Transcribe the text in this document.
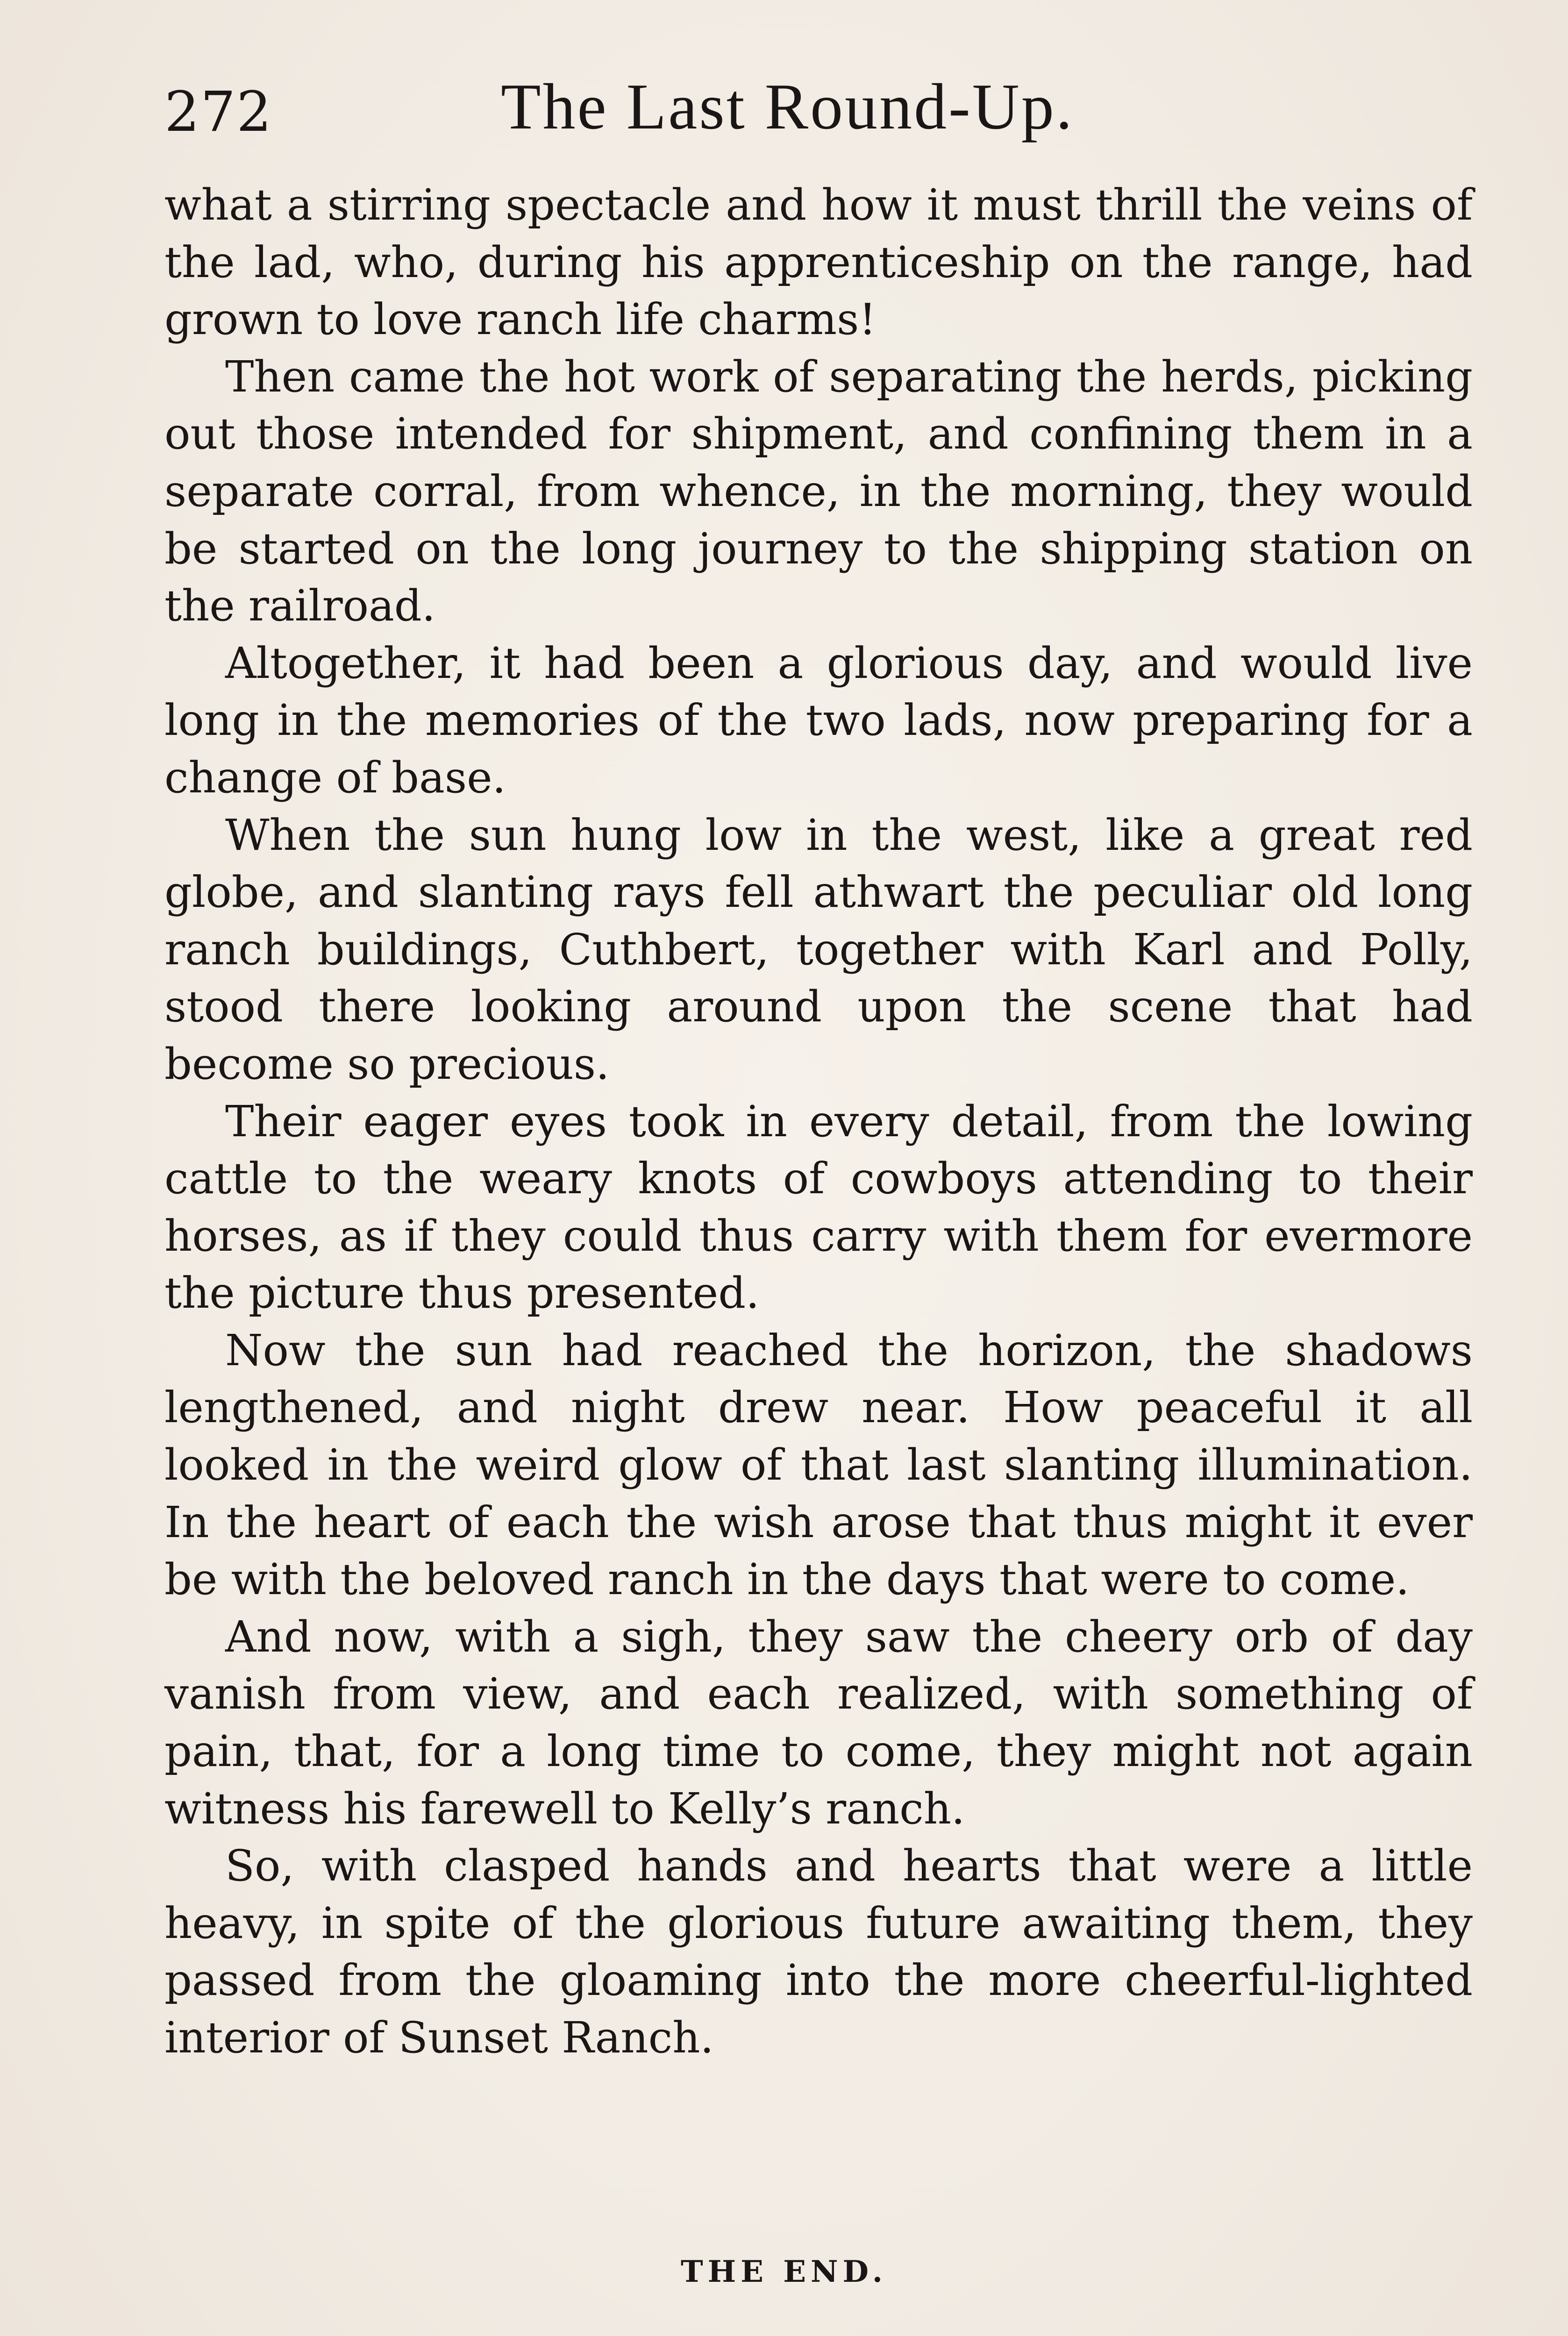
272	The Last Round-Up.

what a stirring spectacle and how it must thrill the veins of the lad, who, during his apprenticeship on the range, had grown to love ranch life charms!

Then came the hot work of separating the herds, picking out those intended for shipment, and confining them in a separate corral, from whence, in the morning, they would be started on the long journey to the shipping station on the railroad.

Altogether, it had been a glorious day, and would live long in the memories of the two lads, now preparing for a change of base.

When the sun hung low in the west, like a great red globe, and slanting rays fell athwart the peculiar old long ranch buildings, Cuthbert, together with Karl and Polly, stood there looking around upon the scene that had become so precious.

Their eager eyes took in every detail, from the lowing cattle to the weary knots of cowboys attending to their horses, as if they could thus carry with them for evermore the picture thus presented.

Now the sun had reached the horizon, the shadows lengthened, and night drew near. How peaceful it all looked in the weird glow of that last slanting illumination. In the heart of each the wish arose that thus might it ever be with the beloved ranch in the days that were to come.

And now, with a sigh, they saw the cheery orb of day vanish from view, and each realized, with something of pain, that, for a long time to come, they might not again witness his farewell to Kelly’s ranch.

So, with clasped hands and hearts that were a little heavy, in spite of the glorious future awaiting them, they passed from the gloaming into the more cheerful-lighted interior of Sunset Ranch.

THE END.
